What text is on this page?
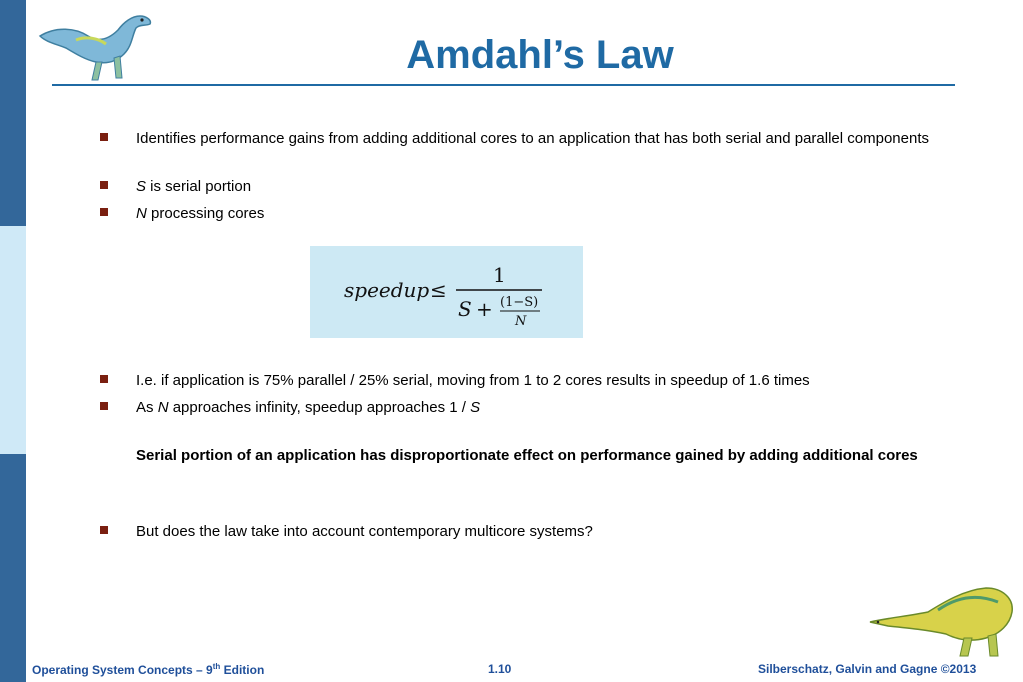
Amdahl’s Law
Identifies performance gains from adding additional cores to an application that has both serial and parallel components
S is serial portion
N processing cores
speedup ≤
1
S + (1−S)
N
I.e. if application is 75% parallel / 25% serial, moving from 1 to 2 cores results in speedup of 1.6 times
As N approaches infinity, speedup approaches 1 / S
Serial portion of an application has disproportionate effect on performance gained by adding additional cores
But does the law take into account contemporary multicore systems?
Operating System Concepts – 9th Edition	1.10	Silberschatz, Galvin and Gagne ©2013
